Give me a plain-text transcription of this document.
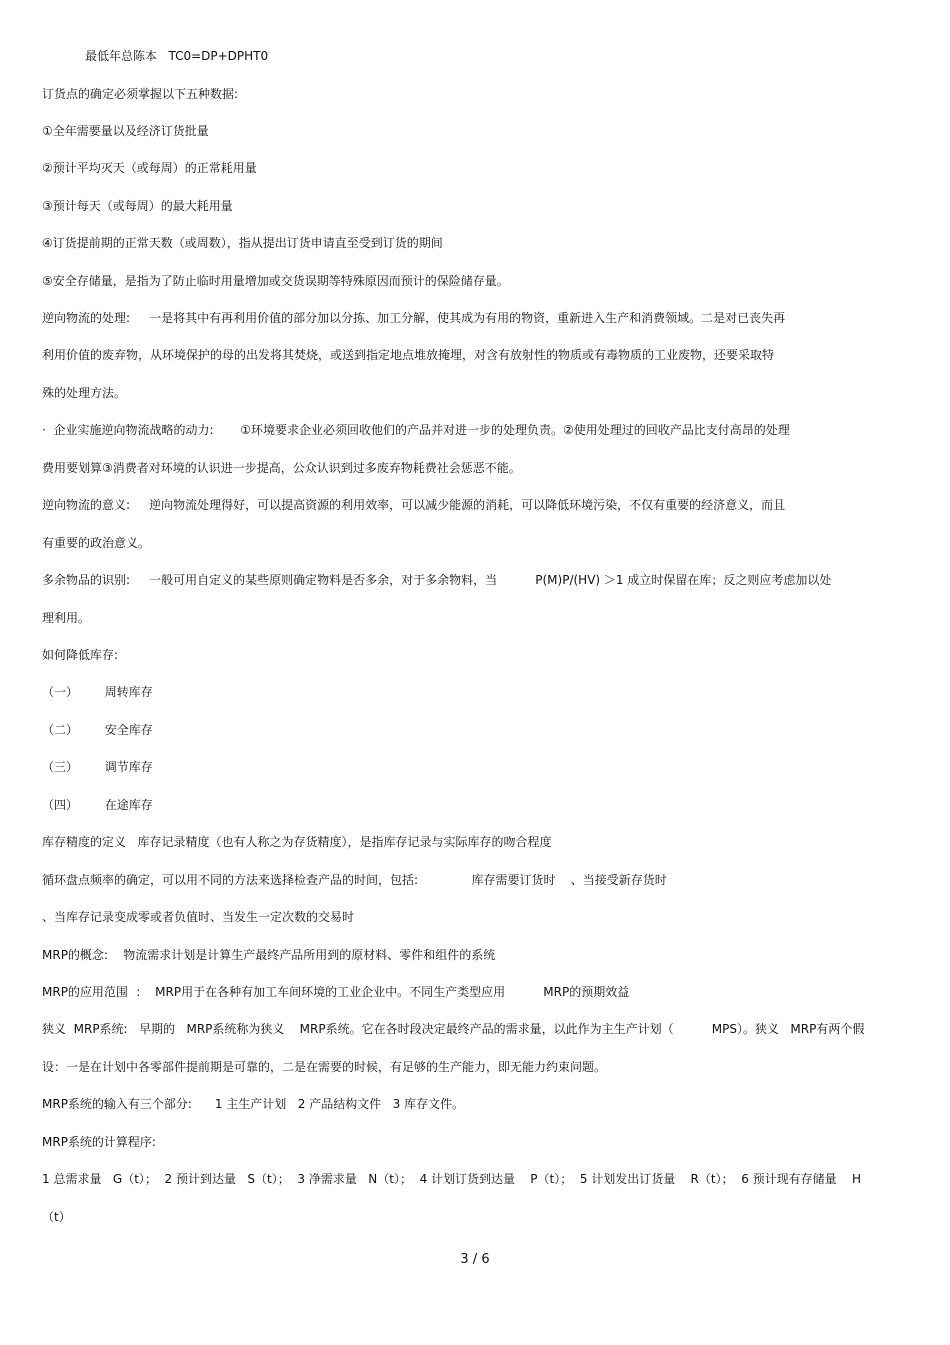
最低年总陈本   TC0=DP+DPHT0
订货点的确定必须掌握以下五种数据:
①全年需要量以及经济订货批量
②预计平均灭天（或每周）的正常耗用量
③预计每天（或每周）的最大耗用量
④订货提前期的正常天数（或周数），指从提出订货申请直至受到订货的期间
⑤安全存储量，是指为了防止临时用量增加或交货误期等特殊原因而预计的保险储存量。
逆向物流的处理:     一是将其中有再利用价值的部分加以分拣、加工分解，使其成为有用的物资，重新进入生产和消费领域。二是对已丧失再
利用价值的废弃物，从环境保护的母的出发将其焚烧，或送到指定地点堆放掩埋，对含有放射性的物质或有毒物质的工业废物，还要采取特
殊的处理方法。
·  企业实施逆向物流战略的动力:       ①环境要求企业必须回收他们的产品并对进一步的处理负责。②使用处理过的回收产品比支付高昂的处理
费用要划算③消费者对环境的认识进一步提高，公众认识到过多废弃物耗费社会惩恶不能。
逆向物流的意义:     逆向物流处理得好，可以提高资源的利用效率，可以减少能源的消耗，可以降低环境污染，不仅有重要的经济意义，而且
有重要的政治意义。
多余物品的识别:     一般可用自定义的某些原则确定物料是否多余，对于多余物料，当          P(M)P/(HV) ＞1 成立时保留在库；反之则应考虑加以处
理利用。
如何降低库存:
（一）       周转库存
（二）       安全库存
（三）       调节库存
（四）       在途库存
库存精度的定义   库存记录精度（也有人称之为存货精度），是指库存记录与实际库存的吻合程度
循环盘点频率的确定，可以用不同的方法来选择检查产品的时间，包括:              库存需要订货时    、当接受新存货时
、当库存记录变成零或者负值时、当发生一定次数的交易时
MRP的概念:    物流需求计划是计算生产最终产品所用到的原材料、零件和组件的系统
MRP的应用范围  ：  MRP用于在各种有加工车间环境的工业企业中。不同生产类型应用          MRP的预期效益
狭义  MRP系统:   早期的   MRP系统称为狭义    MRP系统。它在各时段决定最终产品的需求量，以此作为主生产计划（          MPS）。狭义   MRP有两个假
设：一是在计划中各零部件提前期是可靠的，二是在需要的时候，有足够的生产能力，即无能力约束问题。
MRP系统的输入有三个部分:      1 主生产计划   2 产品结构文件   3 库存文件。
MRP系统的计算程序:
1 总需求量   G（t）；  2 预计到达量   S（t）；  3 净需求量   N（t）；  4 计划订货到达量    P（t）；  5 计划发出订货量    R（t）；  6 预计现有存储量    H
（t）
3 / 6
